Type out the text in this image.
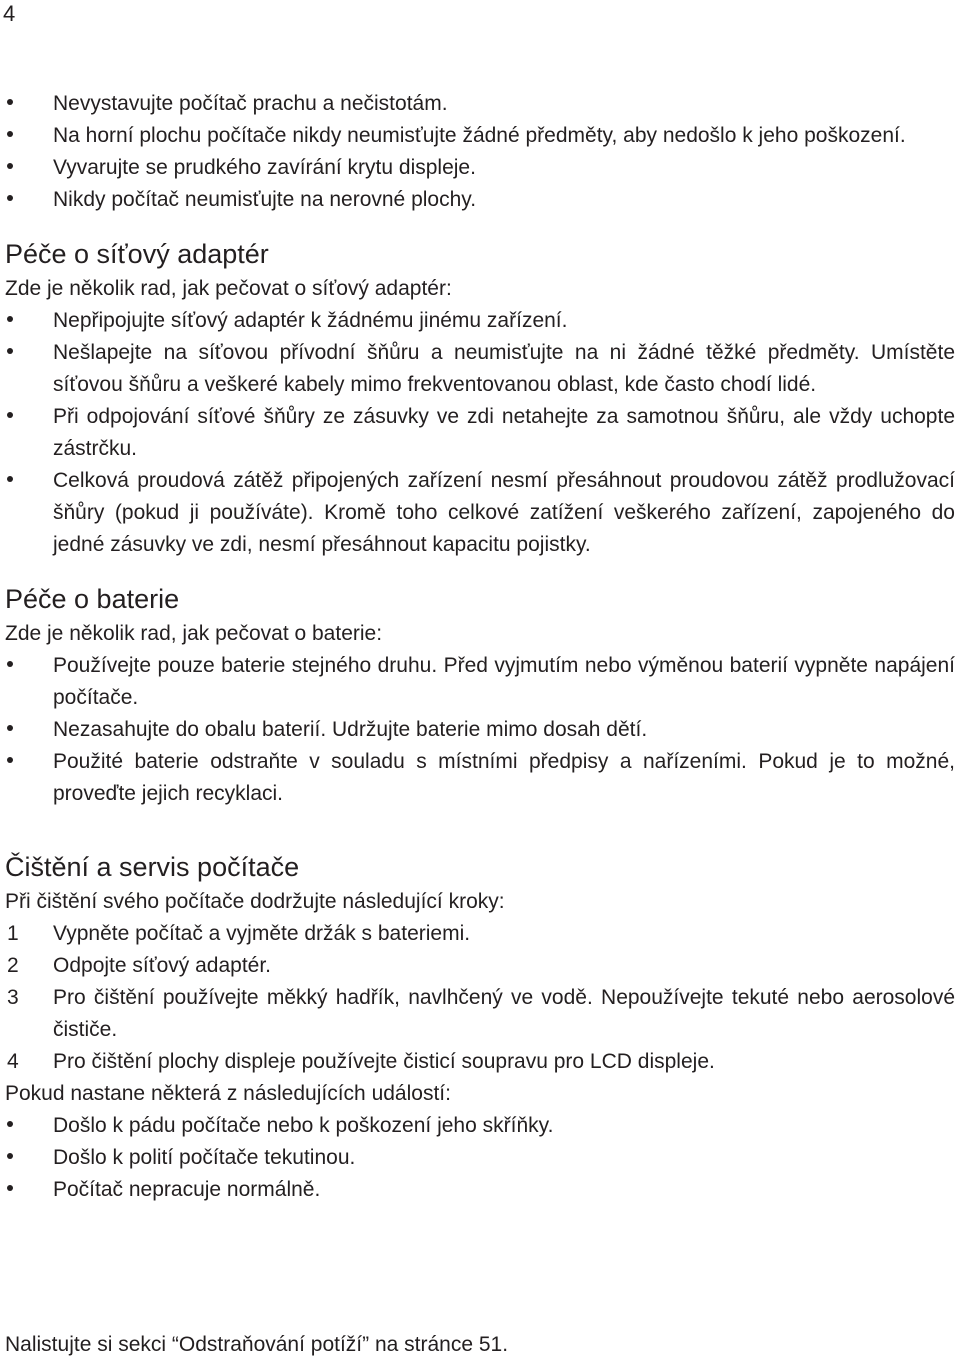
4
Nevystavujte počítač prachu a nečistotám.
Na horní plochu počítače nikdy neumisťujte žádné předměty, aby nedošlo k jeho poškození.
Vyvarujte se prudkého zavírání krytu displeje.
Nikdy počítač neumisťujte na nerovné plochy.
Péče o síťový adaptér
Zde je několik rad, jak pečovat o síťový adaptér:
Nepřipojujte síťový adaptér k žádnému jinému zařízení.
Nešlapejte na síťovou přívodní šňůru a neumisťujte na ni žádné těžké předměty. Umístěte síťovou šňůru a veškeré kabely mimo frekventovanou oblast, kde často chodí lidé.
Při odpojování síťové šňůry ze zásuvky ve zdi netahejte za samotnou šňůru, ale vždy uchopte zástrčku.
Celková proudová zátěž připojených zařízení nesmí přesáhnout proudovou zátěž prodlužovací šňůry (pokud ji používáte). Kromě toho celkové zatížení veškerého zařízení, zapojeného do jedné zásuvky ve zdi, nesmí přesáhnout kapacitu pojistky.
Péče o baterie
Zde je několik rad, jak pečovat o baterie:
Používejte pouze baterie stejného druhu. Před vyjmutím nebo výměnou baterií vypněte napájení počítače.
Nezasahujte do obalu baterií. Udržujte baterie mimo dosah dětí.
Použité baterie odstraňte v souladu s místními předpisy a nařízeními. Pokud je to možné, proveďte jejich recyklaci.
Čištění a servis počítače
Při čištění svého počítače dodržujte následující kroky:
1	Vypněte počítač a vyjměte držák s bateriemi.
2	Odpojte síťový adaptér.
3	Pro čištění používejte měkký hadřík, navlhčený ve vodě. Nepoužívejte tekuté nebo aerosolové čističe.
4	Pro čištění plochy displeje používejte čisticí soupravu pro LCD displeje.
Pokud nastane některá z následujících událostí:
Došlo k pádu počítače nebo k poškození jeho skříňky.
Došlo k polití počítače tekutinou.
Počítač nepracuje normálně.
Nalistujte si sekci “Odstraňování potíží” na stránce 51.
